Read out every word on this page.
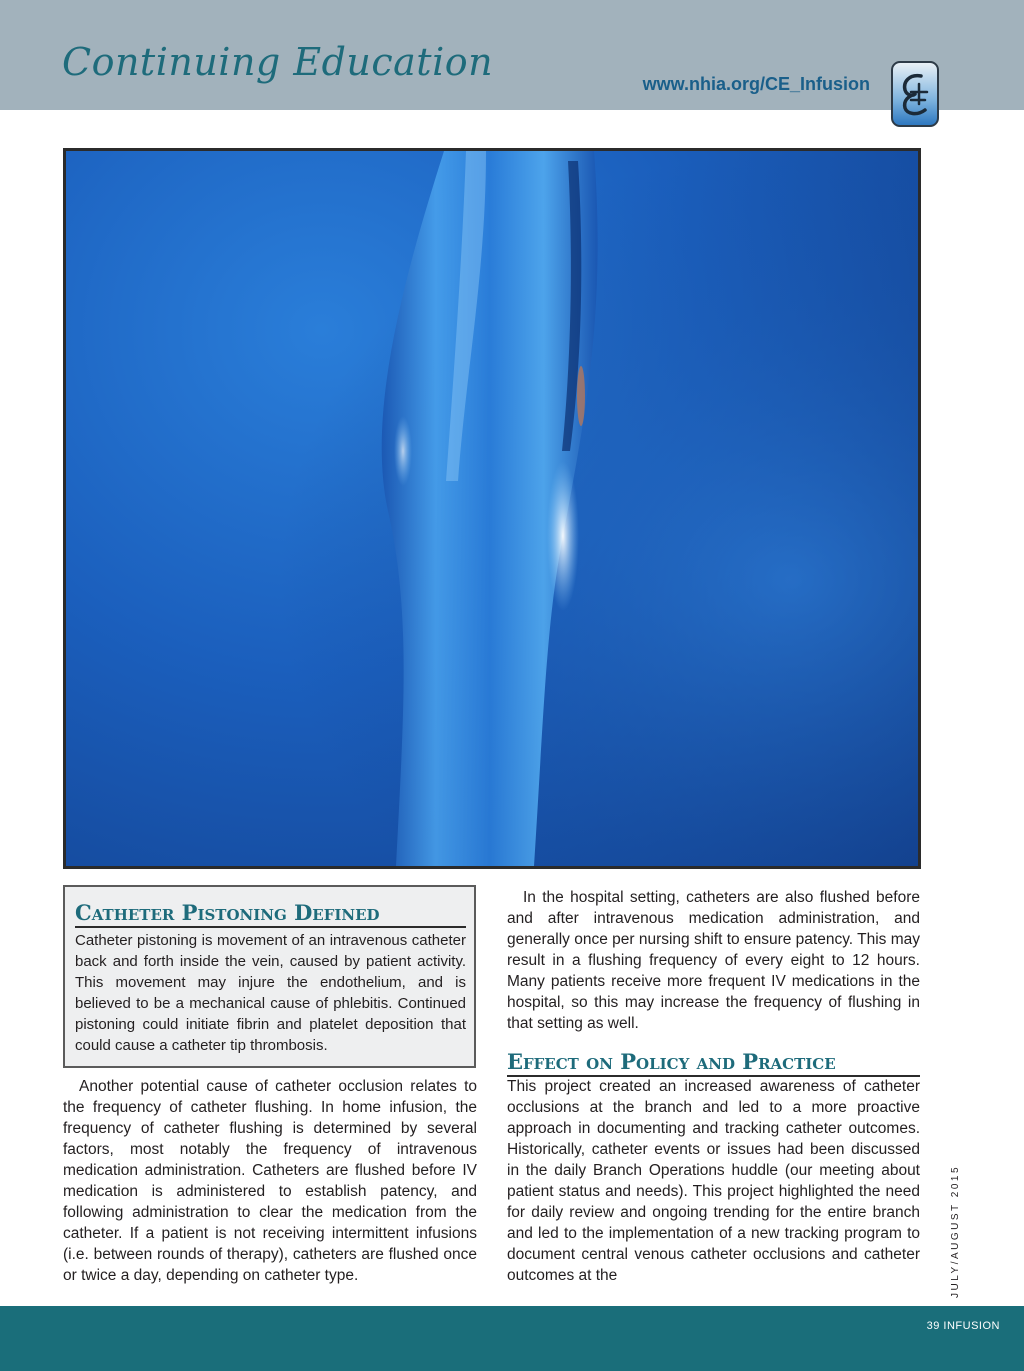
Continuing Education	www.nhia.org/CE_Infusion
Catheter Pistoning Defined

Catheter pistoning is movement of an intravenous catheter back and forth inside the vein, caused by patient activity. This movement may injure the endothelium, and is believed to be a mechanical cause of phlebitis. Continued pistoning could initiate fibrin and platelet deposition that could cause a catheter tip thrombosis.

Another potential cause of catheter occlusion relates to the frequency of catheter flushing. In home infusion, the frequency of catheter flushing is determined by several factors, most notably the frequency of intravenous medication administration. Catheters are flushed before IV medication is administered to establish patency, and following administration to clear the medication from the catheter. If a patient is not receiving intermittent infusions (i.e. between rounds of therapy), catheters are flushed once or twice a day, depending on catheter type.

In the hospital setting, catheters are also flushed before and after intravenous medication administration, and generally once per nursing shift to ensure patency. This may result in a flushing frequency of every eight to 12 hours. Many patients receive more frequent IV medications in the hospital, so this may increase the frequency of flushing in that setting as well.

Effect on Policy and Practice

This project created an increased awareness of catheter occlusions at the branch and led to a more proactive approach in documenting and tracking catheter outcomes. Historically, catheter events or issues had been discussed in the daily Branch Operations huddle (our meeting about patient status and needs). This project highlighted the need for daily review and ongoing trending for the entire branch and led to the implementation of a new tracking program to document central venous catheter occlusions and catheter outcomes at the	JULY/AUGUST 2015
39 INFUSION
